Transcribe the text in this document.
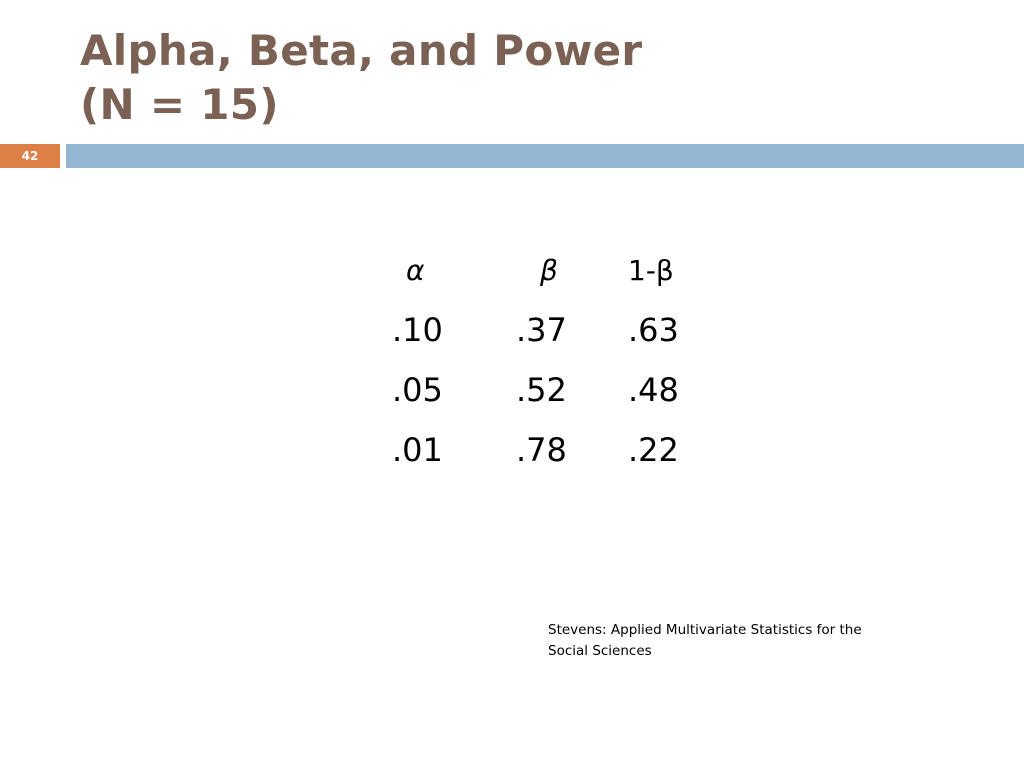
Alpha, Beta, and Power
(N = 15)
42
α	β	1-β
.10	.37	.63
.05	.52	.48
.01	.78	.22

Stevens: Applied Multivariate Statistics for the Social Sciences
